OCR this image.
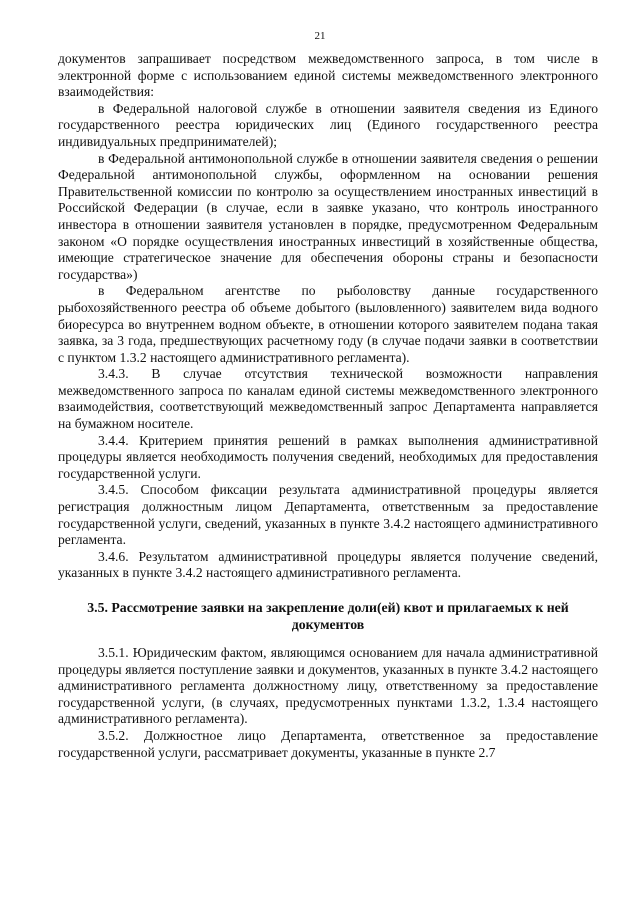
21

документов запрашивает посредством межведомственного запроса, в том числе в электронной форме с использованием единой системы межведомственного электронного взаимодействия:

в Федеральной налоговой службе в отношении заявителя сведения из Единого государственного реестра юридических лиц (Единого государственного реестра индивидуальных предпринимателей);

в Федеральной антимонопольной службе в отношении заявителя сведения о решении Федеральной антимонопольной службы, оформленном на основании решения Правительственной комиссии по контролю за осуществлением иностранных инвестиций в Российской Федерации (в случае, если в заявке указано, что контроль иностранного инвестора в отношении заявителя установлен в порядке, предусмотренном Федеральным законом «О порядке осуществления иностранных инвестиций в хозяйственные общества, имеющие стратегическое значение для обеспечения обороны страны и безопасности государства»)

в Федеральном агентстве по рыболовству данные государственного рыбохозяйственного реестра об объеме добытого (выловленного) заявителем вида водного биоресурса во внутреннем водном объекте, в отношении которого заявителем подана такая заявка, за 3 года, предшествующих расчетному году (в случае подачи заявки в соответствии с пунктом 1.3.2 настоящего административного регламента).

3.4.3. В случае отсутствия технической возможности направления межведомственного запроса по каналам единой системы межведомственного электронного взаимодействия, соответствующий межведомственный запрос Департамента направляется на бумажном носителе.

3.4.4. Критерием принятия решений в рамках выполнения административной процедуры является необходимость получения сведений, необходимых для предоставления государственной услуги.

3.4.5. Способом фиксации результата административной процедуры является регистрация должностным лицом Департамента, ответственным за предоставление государственной услуги, сведений, указанных в пункте 3.4.2 настоящего административного регламента.

3.4.6. Результатом административной процедуры является получение сведений, указанных в пункте 3.4.2 настоящего административного регламента.

3.5. Рассмотрение заявки на закрепление доли(ей) квот и прилагаемых к ней документов

3.5.1. Юридическим фактом, являющимся основанием для начала административной процедуры является поступление заявки и документов, указанных в пункте 3.4.2 настоящего административного регламента должностному лицу, ответственному за предоставление государственной услуги, (в случаях, предусмотренных пунктами 1.3.2, 1.3.4 настоящего административного регламента).

3.5.2. Должностное лицо Департамента, ответственное за предоставление государственной услуги, рассматривает документы, указанные в пункте 2.7
